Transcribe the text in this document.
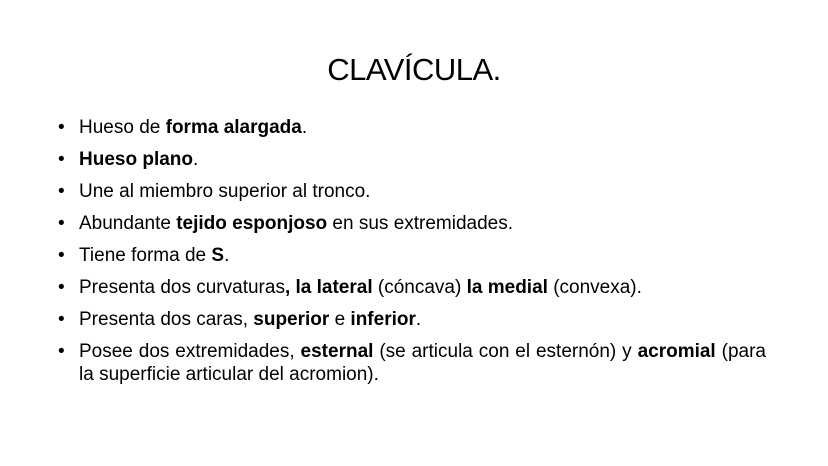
CLAVÍCULA.
• Hueso de forma alargada.
• Hueso plano.
• Une al miembro superior al tronco.
• Abundante tejido esponjoso en sus extremidades.
• Tiene forma de S.
• Presenta dos curvaturas, la lateral (cóncava) la medial (convexa).
• Presenta dos caras, superior e inferior.
• Posee dos extremidades, esternal (se articula con el esternón) y acromial (para la superficie articular del acromion).
